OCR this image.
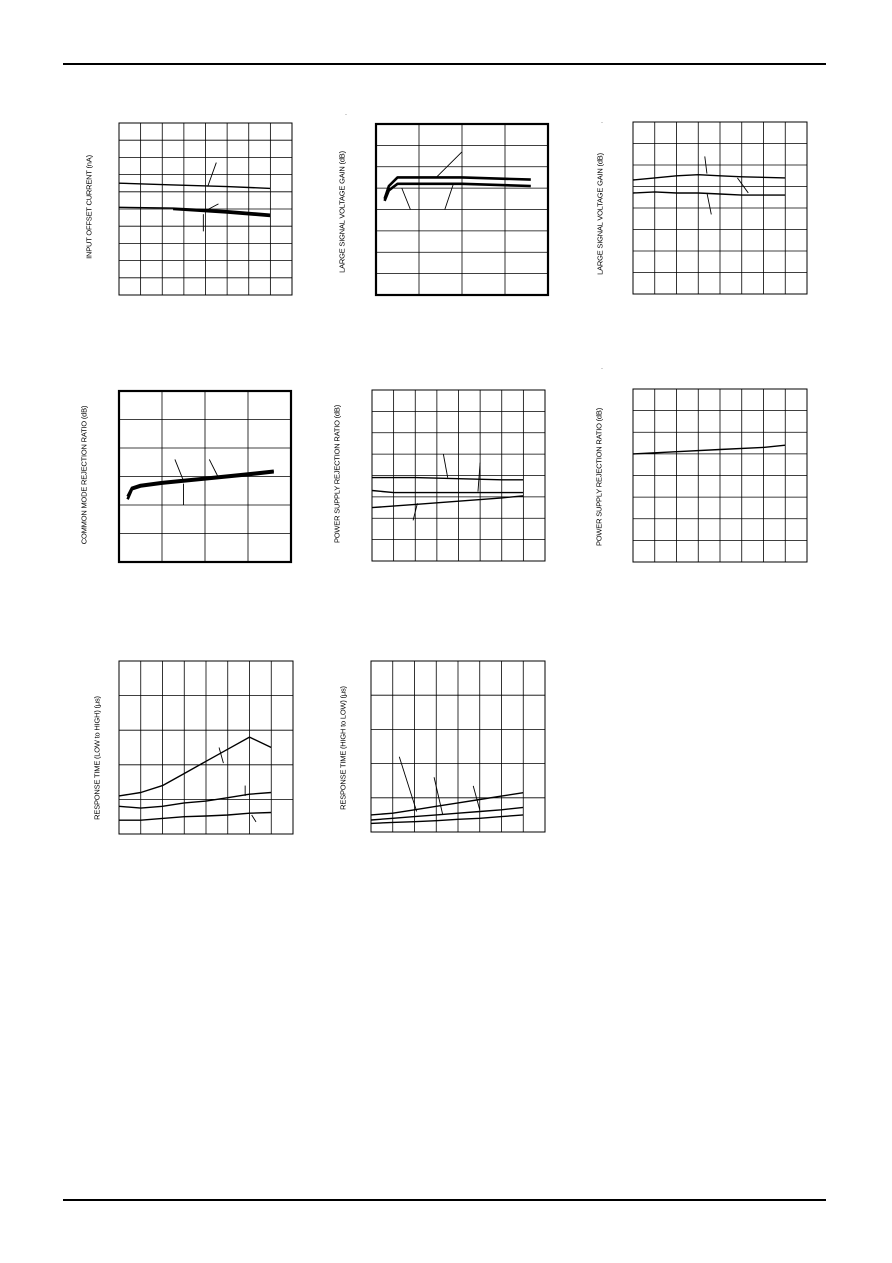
INPUT OFFSET CURRENT (nA)	LARGE SIGNAL VOLTAGE GAIN (dB)	LARGE SIGNAL VOLTAGE GAIN (dB)
COMMON MODE REJECTION RATIO (dB)	POWER SUPPLY REJECTION RATIO (dB)	POWER SUPPLY REJECTION RATIO (dB)
RESPONSE TIME (LOW to HIGH) (μs)	RESPONSE TIME (HIGH to LOW) (μs)
·
·
·
